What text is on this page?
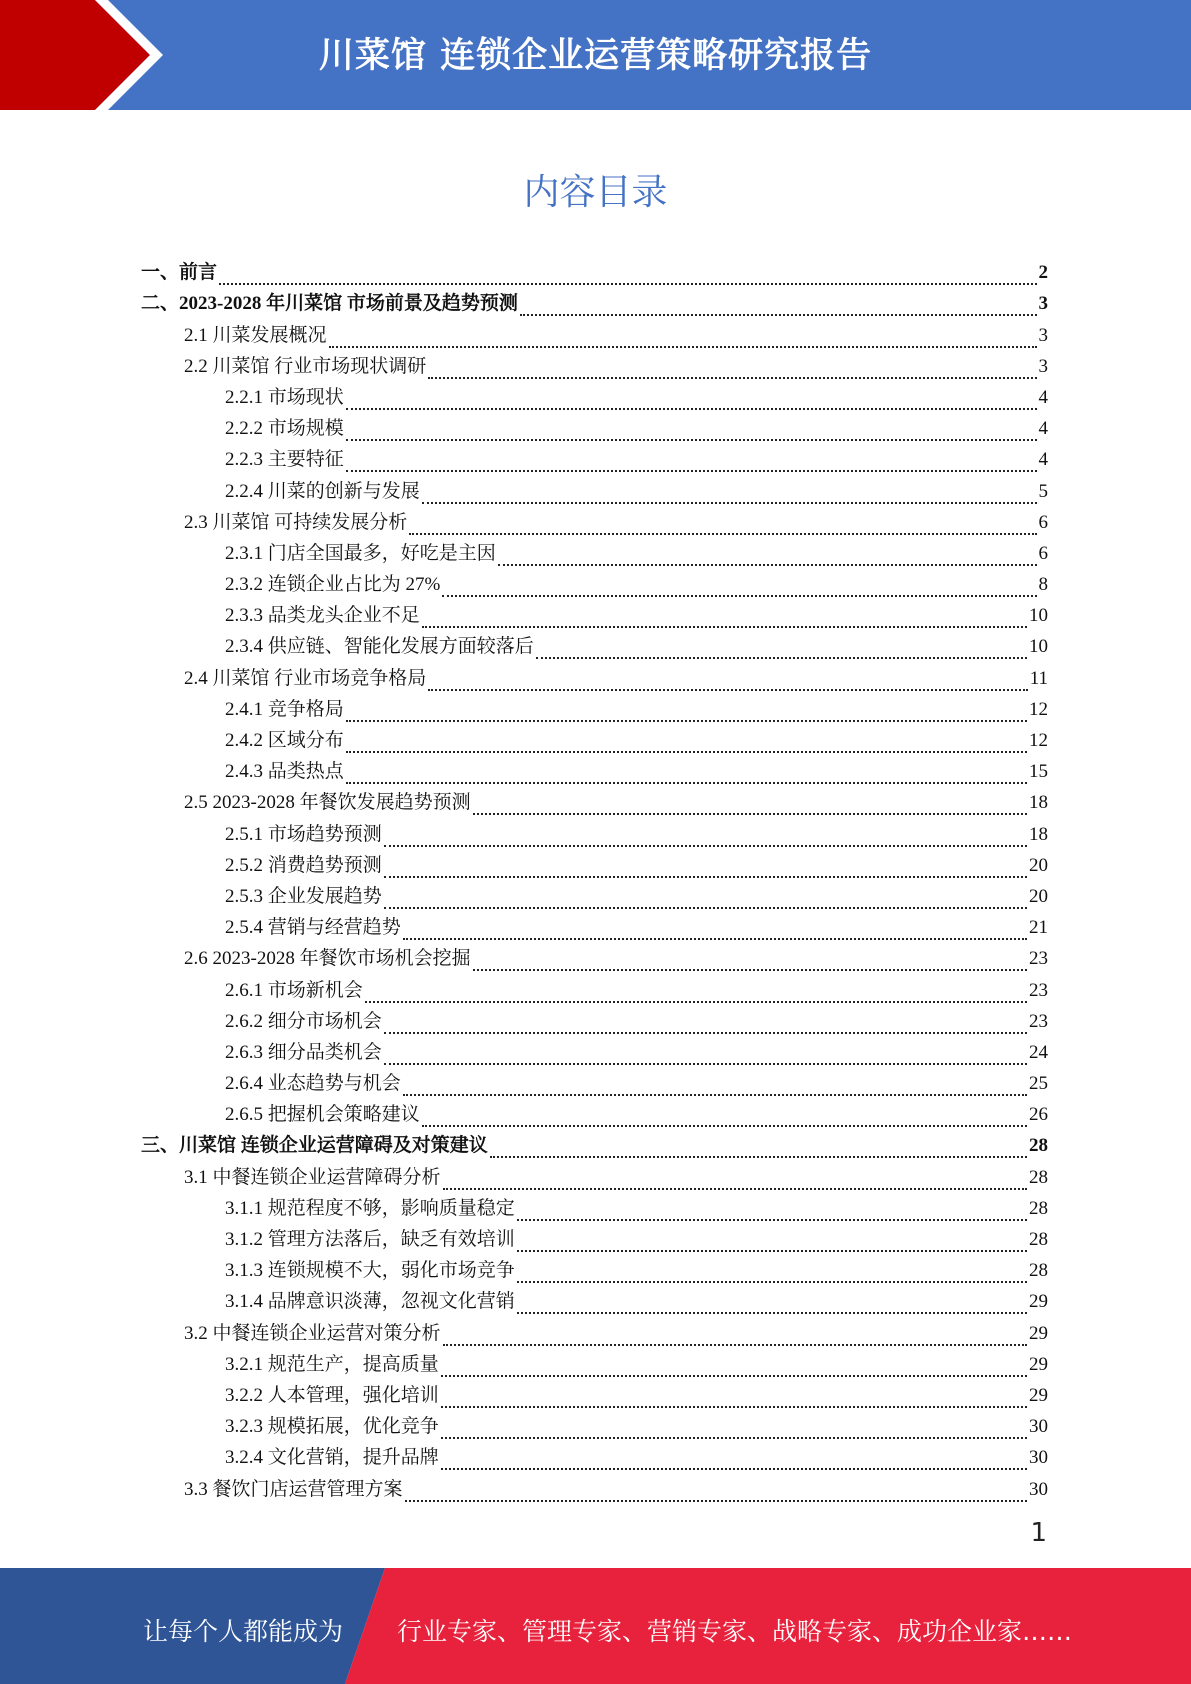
川菜馆 连锁企业运营策略研究报告
内容目录
一、前言	2
二、2023-2028 年川菜馆 市场前景及趋势预测	3
2.1 川菜发展概况	3
2.2 川菜馆 行业市场现状调研	3
2.2.1 市场现状	4
2.2.2 市场规模	4
2.2.3 主要特征	4
2.2.4 川菜的创新与发展	5
2.3 川菜馆 可持续发展分析	6
2.3.1 门店全国最多，好吃是主因	6
2.3.2 连锁企业占比为 27%	8
2.3.3 品类龙头企业不足	10
2.3.4 供应链、智能化发展方面较落后	10
2.4 川菜馆 行业市场竞争格局	11
2.4.1 竞争格局	12
2.4.2 区域分布	12
2.4.3 品类热点	15
2.5 2023-2028 年餐饮发展趋势预测	18
2.5.1 市场趋势预测	18
2.5.2 消费趋势预测	20
2.5.3 企业发展趋势	20
2.5.4 营销与经营趋势	21
2.6 2023-2028 年餐饮市场机会挖掘	23
2.6.1 市场新机会	23
2.6.2 细分市场机会	23
2.6.3 细分品类机会	24
2.6.4 业态趋势与机会	25
2.6.5 把握机会策略建议	26
三、川菜馆 连锁企业运营障碍及对策建议	28
3.1 中餐连锁企业运营障碍分析	28
3.1.1 规范程度不够，影响质量稳定	28
3.1.2 管理方法落后，缺乏有效培训	28
3.1.3 连锁规模不大，弱化市场竞争	28
3.1.4 品牌意识淡薄，忽视文化营销	29
3.2 中餐连锁企业运营对策分析	29
3.2.1 规范生产，提高质量	29
3.2.2 人本管理，强化培训	29
3.2.3 规模拓展，优化竞争	30
3.2.4 文化营销，提升品牌	30
3.3 餐饮门店运营管理方案	30
1
让每个人都能成为 行业专家、管理专家、营销专家、战略专家、成功企业家……
